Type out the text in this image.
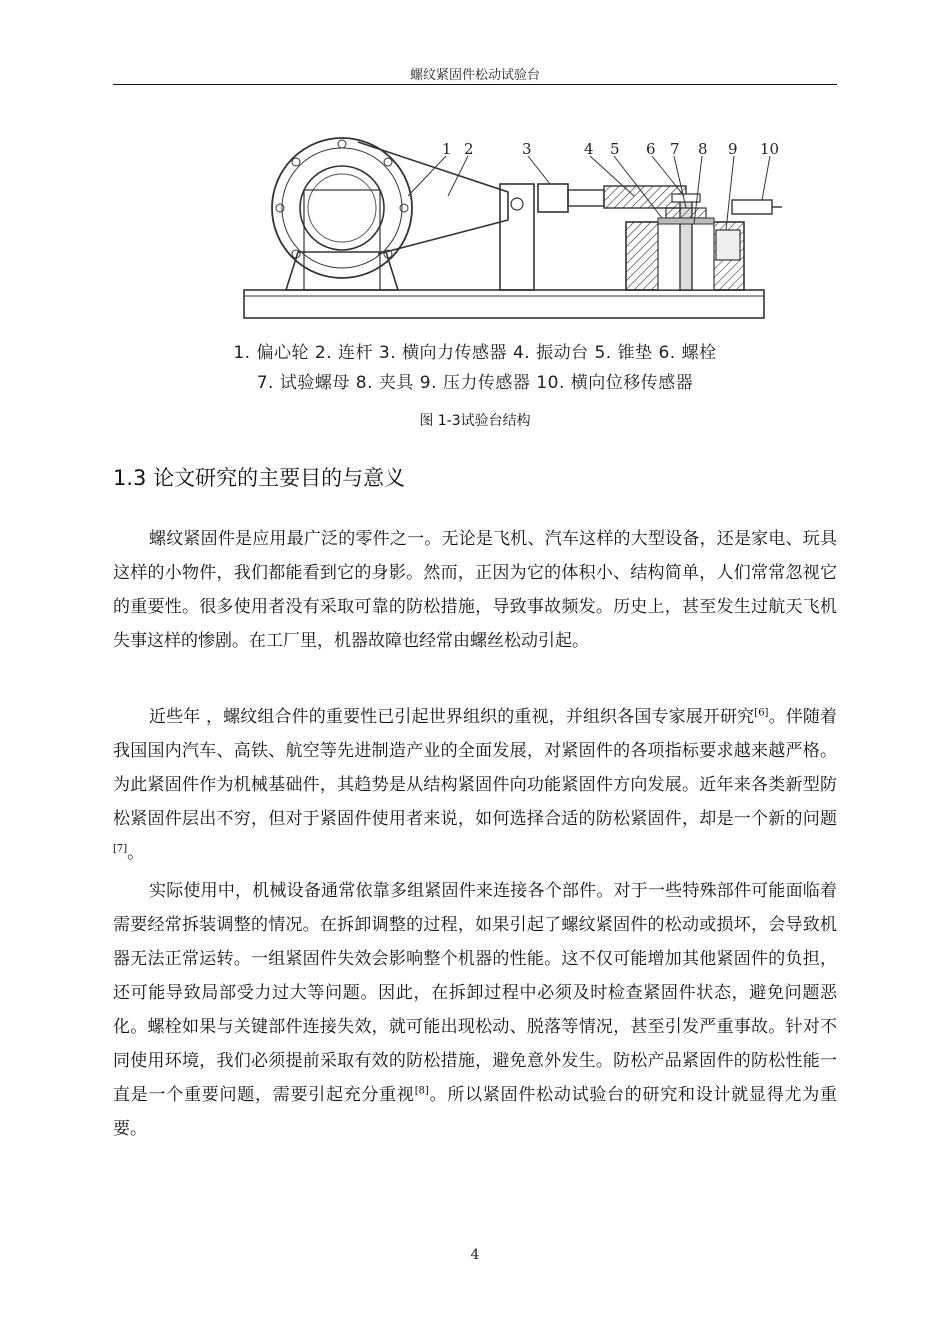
螺纹紧固件松动试验台
1 2	3	4 5 6 7 8 9 10
1. 偏心轮 2. 连杆 3. 横向力传感器 4. 振动台 5. 锥垫 6. 螺栓
7. 试验螺母 8. 夹具 9. 压力传感器 10. 横向位移传感器
图 1-3试验台结构
1.3 论文研究的主要目的与意义

螺纹紧固件是应用最广泛的零件之一。无论是飞机、汽车这样的大型设备，还是家电、玩具这样的小物件，我们都能看到它的身影。然而，正因为它的体积小、结构简单，人们常常忽视它的重要性。很多使用者没有采取可靠的防松措施，导致事故频发。历史上，甚至发生过航天飞机失事这样的惨剧。在工厂里，机器故障也经常由螺丝松动引起。

近些年 ，螺纹组合件的重要性已引起世界组织的重视，并组织各国专家展开研究[6]。伴随着我国国内汽车、高铁、航空等先进制造产业的全面发展，对紧固件的各项指标要求越来越严格。为此紧固件作为机械基础件，其趋势是从结构紧固件向功能紧固件方向发展。近年来各类新型防松紧固件层出不穷，但对于紧固件使用者来说，如何选择合适的防松紧固件，却是一个新的问题[7]。

实际使用中，机械设备通常依靠多组紧固件来连接各个部件。对于一些特殊部件可能面临着需要经常拆装调整的情况。在拆卸调整的过程，如果引起了螺纹紧固件的松动或损坏，会导致机器无法正常运转。一组紧固件失效会影响整个机器的性能。这不仅可能增加其他紧固件的负担，还可能导致局部受力过大等问题。因此，在拆卸过程中必须及时检查紧固件状态，避免问题恶化。螺栓如果与关键部件连接失效，就可能出现松动、脱落等情况，甚至引发严重事故。针对不同使用环境，我们必须提前采取有效的防松措施，避免意外发生。防松产品紧固件的防松性能一直是一个重要问题，需要引起充分重视[8]。所以紧固件松动试验台的研究和设计就显得尤为重要。

4
